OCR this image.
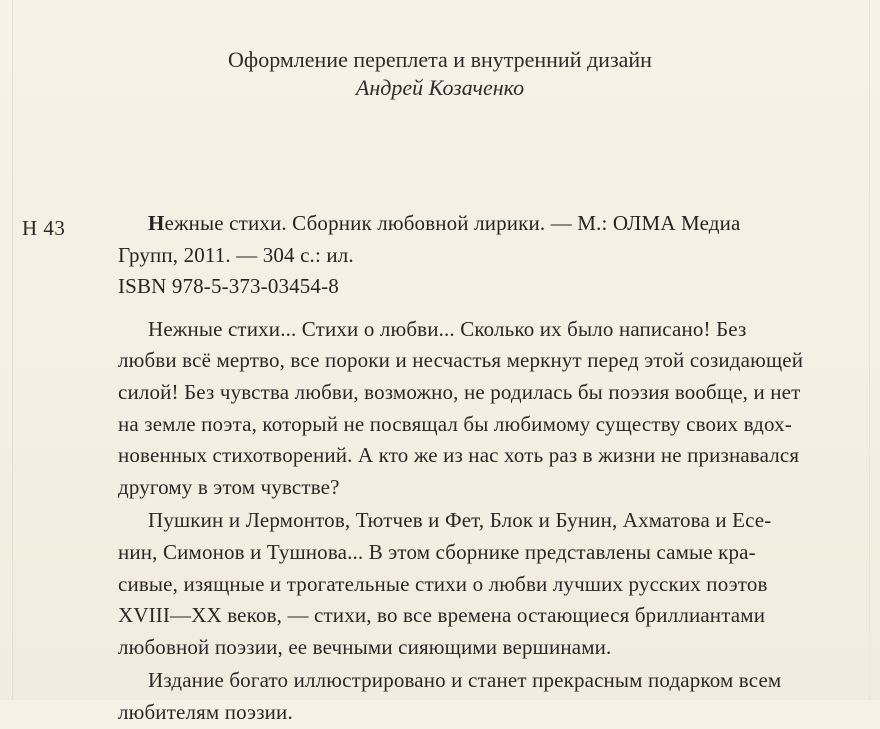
Оформление переплета и внутренний дизайн
Андрей Козаченко
Н 43	Нежные стихи. Сборник любовной лирики. — М.: ОЛМА Медиа
Групп, 2011. — 304 с.: ил.
ISBN 978-5-373-03454-8
Нежные стихи... Стихи о любви... Сколько их было написано! Без
любви всё мертво, все пороки и несчастья меркнут перед этой созидающей
силой! Без чувства любви, возможно, не родилась бы поэзия вообще, и нет
на земле поэта, который не посвящал бы любимому существу своих вдох-
новенных стихотворений. А кто же из нас хоть раз в жизни не признавался
другому в этом чувстве?
Пушкин и Лермонтов, Тютчев и Фет, Блок и Бунин, Ахматова и Есе-
нин, Симонов и Тушнова... В этом сборнике представлены самые кра-
сивые, изящные и трогательные стихи о любви лучших русских поэтов
XVIII—XX веков, — стихи, во все времена остающиеся бриллиантами
любовной поэзии, ее вечными сияющими вершинами.
Издание богато иллюстрировано и станет прекрасным подарком всем
любителям поэзии.
